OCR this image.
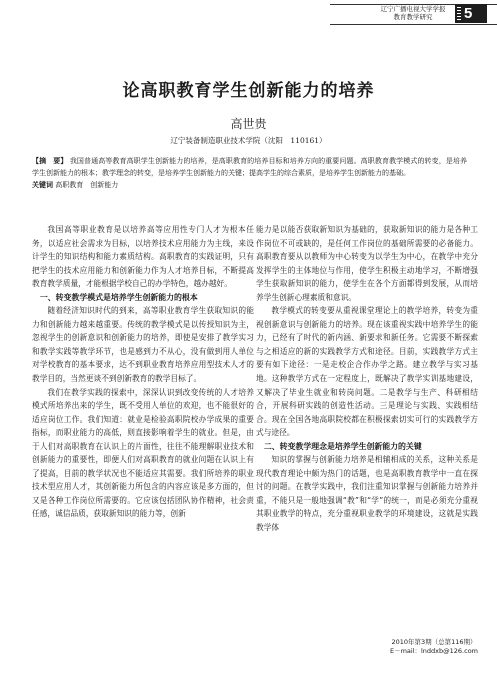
辽宁广播电视大学学报
教育教学研究	5
论高职教育学生创新能力的培养
高世贵
辽宁装备制造职业技术学院（沈阳　110161）
【摘　要】 我国普通高等教育高职学生创新能力的培养，是高职教育的培养目标和培养方向的重要问题。高职教育教学模式的转变，是培养学生创新能力的根本；教学理念的转变，是培养学生创新能力的关键；提高学生的综合素质，是培养学生创新能力的基础。
关键词 高职教育　创新能力

我国高等职业教育是以培养高等应用性专门人才为根本任务，以适应社会需求为目标，以培养技术应用能力为主线，来设计学生的知识结构和能力素质结构。高职教育的实践证明，只有把学生的技术应用能力和创新能力作为人才培养目标，不断提高教育教学质量，才能根据学校自己的办学特色，越办越好。

一、转变教学模式是培养学生创新能力的根本

随着经济知识时代的到来，高等职业教育学生获取知识的能力和创新能力越来越重要。传统的教学模式是以传授知识为主，忽视学生的创新意识和创新能力的培养，即使是安排了教学实习和教学实践等教学环节，也是感到力不从心，没有做到用人单位对学校教育的基本要求，达不到职业教育培养应用型技术人才的教学目的，当然更谈不到创新教育的教学目标了。

我们在教学实践的探索中，深深认识到改变传统的人才培养模式所培养出来的学生，既不受用人单位的欢迎，也不能很好的适应岗位工作。我们知道：就业是检验高职院校办学成果的重要指标，而职业能力的高低，则直接影响着学生的就业。但是，由于人们对高职教育在认识上的片面性，往往不能理解职业技术和创新能力的重要性，即便人们对高职教育的就业问题在认识上有了提高，目前的教学状况也不能适应其需要。我们所培养的职业技术型应用人才，其创新能力所包含的内容应该是多方面的，但又是各种工作岗位所需要的。它应该包括团队协作精神，社会责任感，诚信品质，获取新知识的能力等，创新

能力是以能否获取新知识为基础的，获取新知识的能力是各种工作岗位不可或缺的，是任何工作岗位的基础所需要的必备能力。高职教育要从以教师为中心转变为以学生为中心，在教学中充分发挥学生的主体地位与作用，使学生积极主动地学习，不断增强学生获取新知识的能力，使学生在各个方面都得到发展，从而培养学生创新心理素质和意识。

教学模式的转变要从重视课堂理论上的教学培养，转变为重视创新意识与创新能力的培养。现在该重视实践中培养学生的能力，已经有了时代的新内涵、新要求和新任务。它需要不断探索与之相适应的新的实践教学方式和途径。目前，实践教学方式主要有如下途径：一是走校企合作办学之路。建立教学与实习基地。这种教学方式在一定程度上，既解决了教学实训基地建设，又解决了毕业生就业和转岗问题。二是教学与生产、科研相结合，开展科研实践的创造性活动。三是理论与实践、实践相结合。现在全国各地高职院校都在积极探索切实可行的实践教学方式与途径。

二、转变教学理念是培养学生创新能力的关键

知识的掌握与创新能力培养是相辅相成的关系，这种关系是现代教育理论中颇为热门的话题，也是高职教育教学中一直在探讨的问题。在教学实践中，我们注重知识掌握与创新能力培养并重，不能只是一般地强调“教”和“学”的统一，而是必须充分重视其职业教学的特点，充分重视职业教学的环境建设，这就是实践教学体

2010年第3期（总第116期）
E－mail：lnddxb@126.com
